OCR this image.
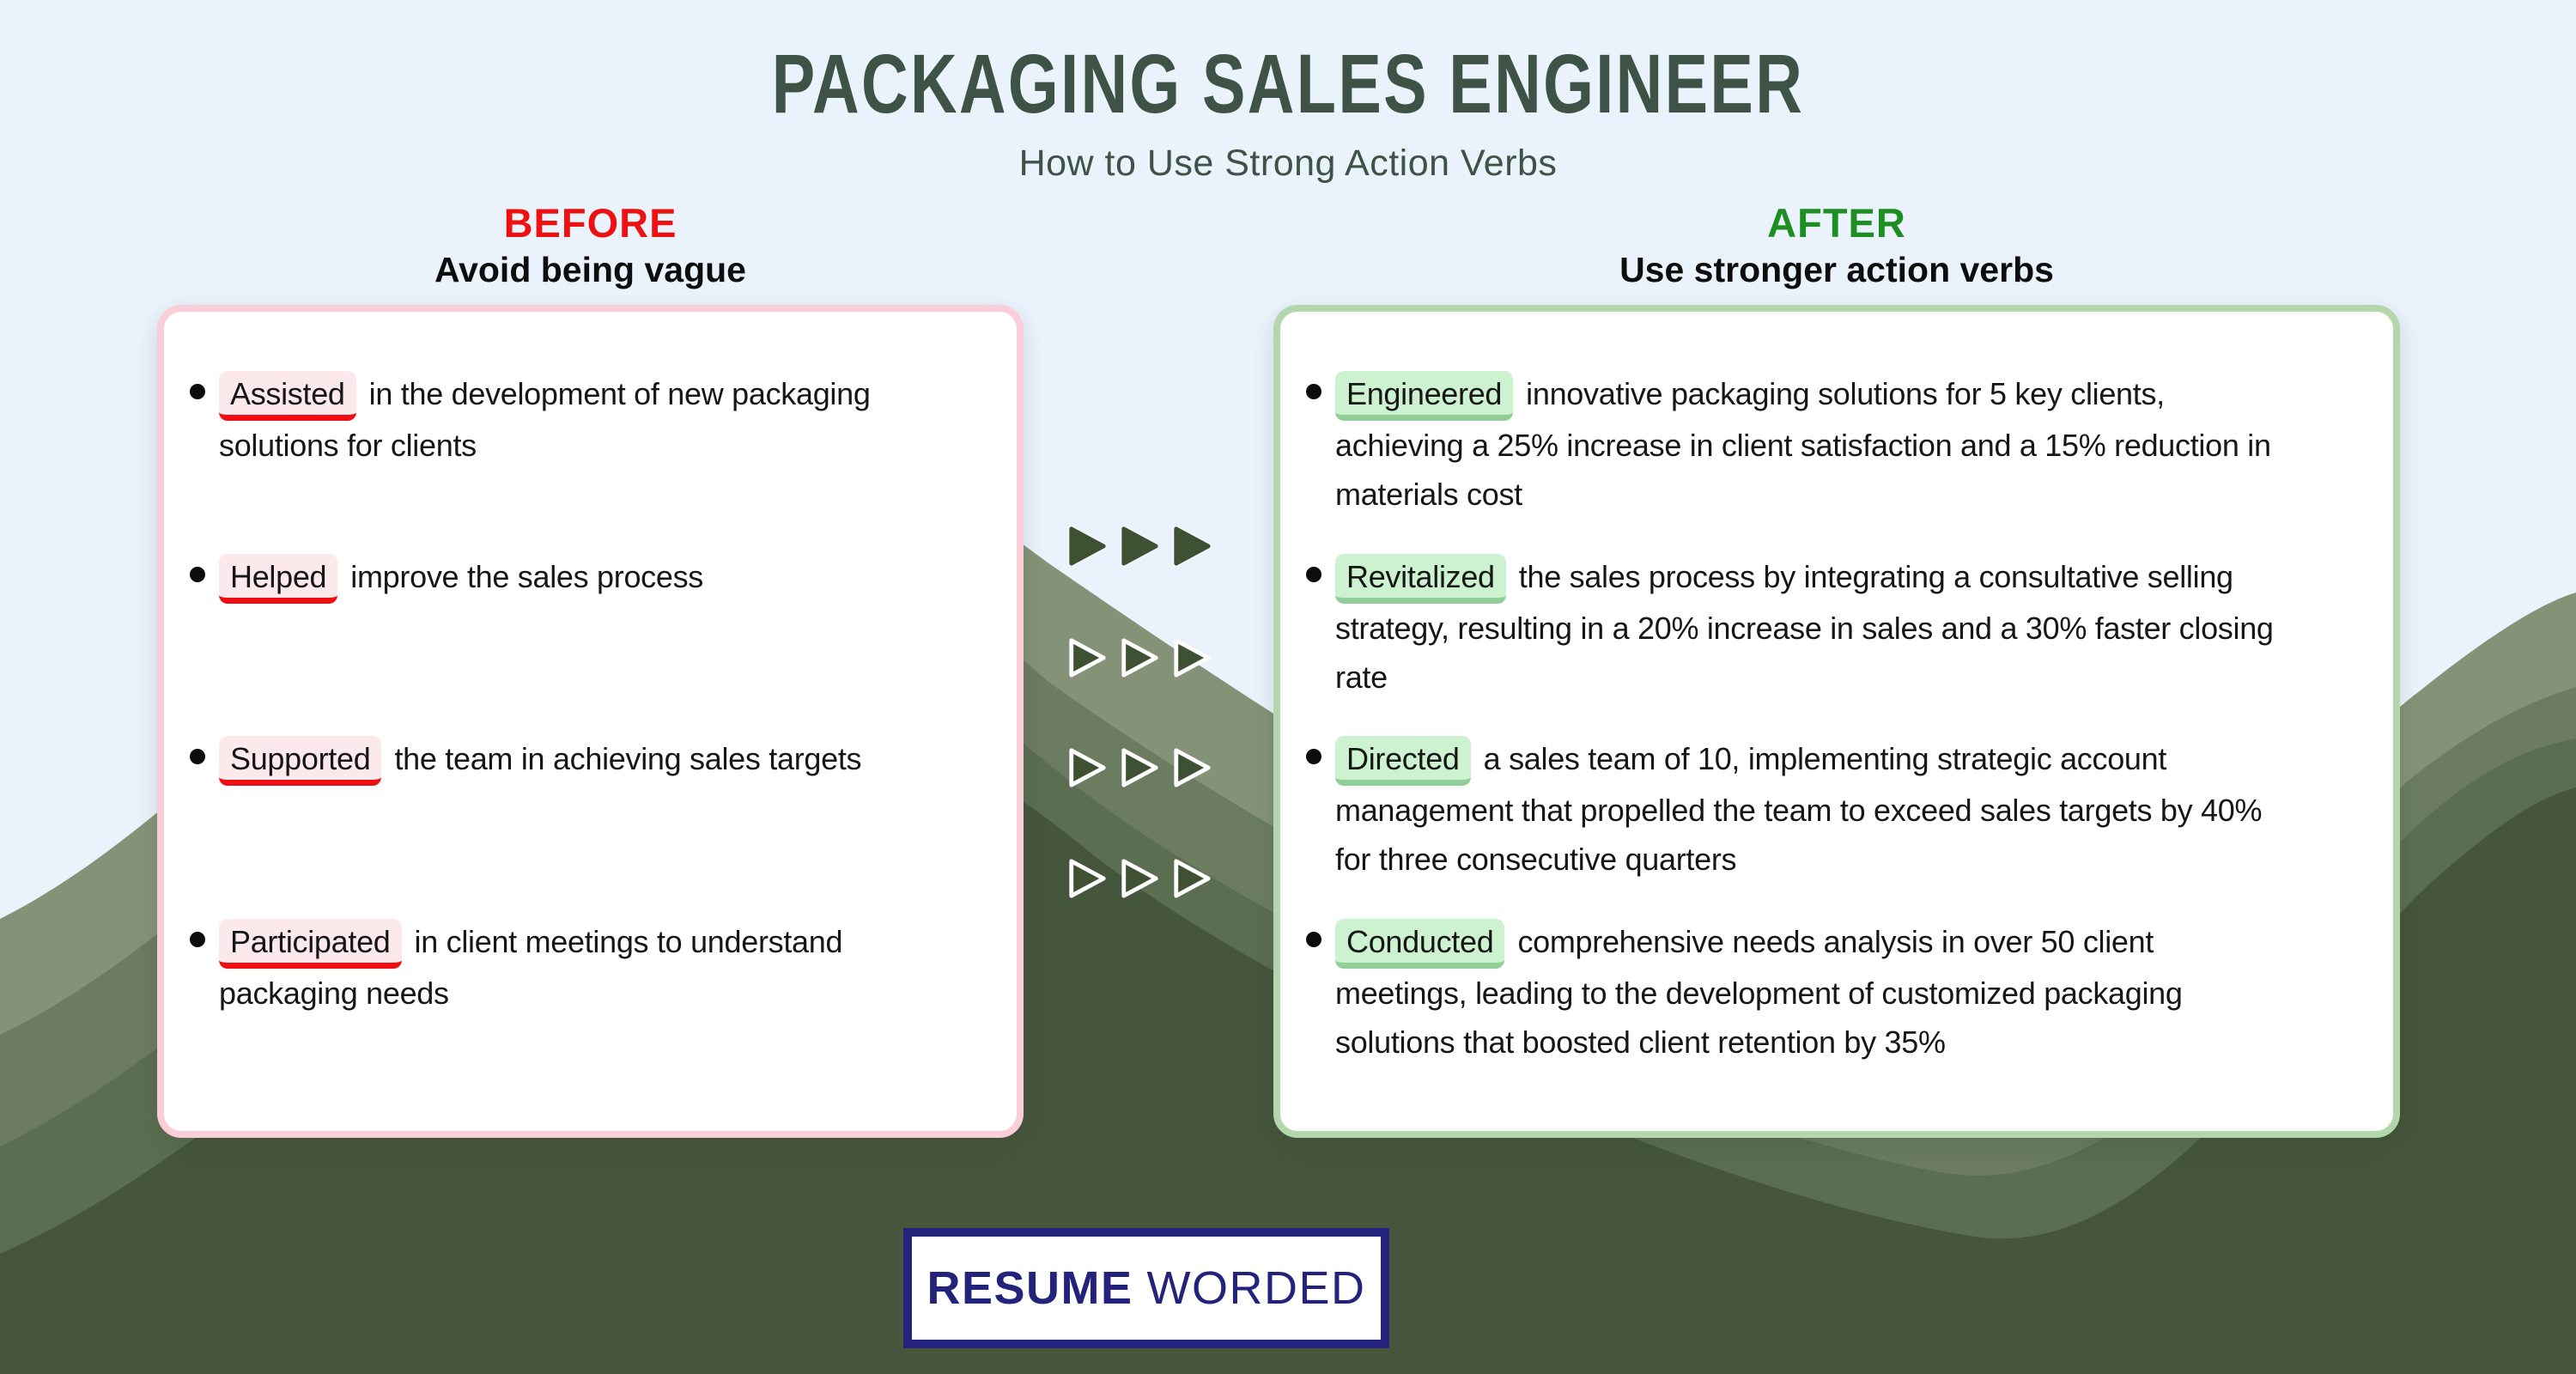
PACKAGING SALES ENGINEER
How to Use Strong Action Verbs
BEFORE
Avoid being vague
AFTER
Use stronger action verbs
Assisted in the development of new packaging
solutions for clients
Helped improve the sales process
Supported the team in achieving sales targets
Participated in client meetings to understand
packaging needs
Engineered innovative packaging solutions for 5 key clients,
achieving a 25% increase in client satisfaction and a 15% reduction in
materials cost
Revitalized the sales process by integrating a consultative selling
strategy, resulting in a 20% increase in sales and a 30% faster closing
rate
Directed a sales team of 10, implementing strategic account
management that propelled the team to exceed sales targets by 40%
for three consecutive quarters
Conducted comprehensive needs analysis in over 50 client
meetings, leading to the development of customized packaging
solutions that boosted client retention by 35%
RESUME WORDED
